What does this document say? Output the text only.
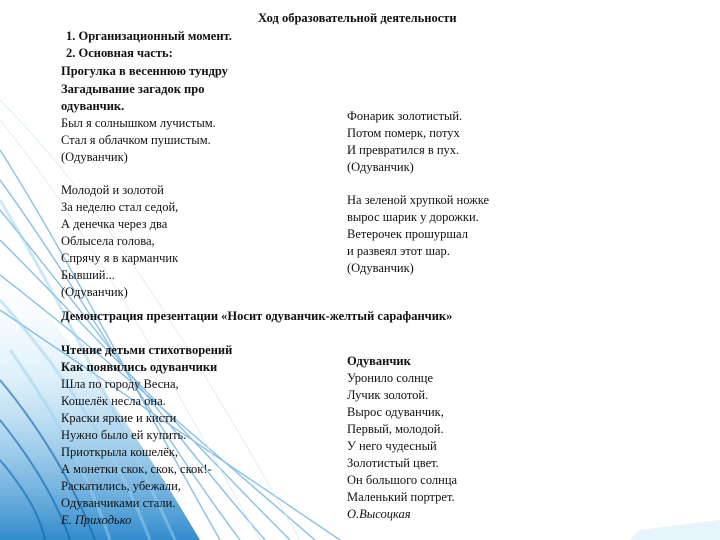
Ход образовательной деятельности
1. Организационный момент.
2. Основная часть:
Прогулка в весеннюю тундру
Загадывание загадок про
одуванчик.
Был я солнышком лучистым.
Стал я облачком пушистым.
(Одуванчик)
Молодой и золотой
За неделю стал седой,
А денечка через два
Облысела голова,
Спрячу я в карманчик
Бывший...
(Одуванчик)
Фонарик золотистый.
Потом померк, потух
И превратился в пух.
(Одуванчик)
На зеленой хрупкой ножке
вырос шарик у дорожки.
Ветерочек прошуршал
и развеял этот шар.
(Одуванчик)
Демонстрация презентации «Носит одуванчик-желтый сарафанчик»
Чтение детьми стихотворений
Как появились одуванчики
Шла по городу Весна,
Кошелёк несла она.
Краски яркие и кисти
Нужно было ей купить.
Приоткрыла кошелёк,
А монетки скок, скок, скок!-
Раскатились, убежали,
Одуванчиками стали.
Е. Приходько
Одуванчик
Уронило солнце
Лучик золотой.
Вырос одуванчик,
Первый, молодой.
У него чудесный
Золотистый цвет.
Он большого солнца
Маленький портрет.
О.Высоцкая
